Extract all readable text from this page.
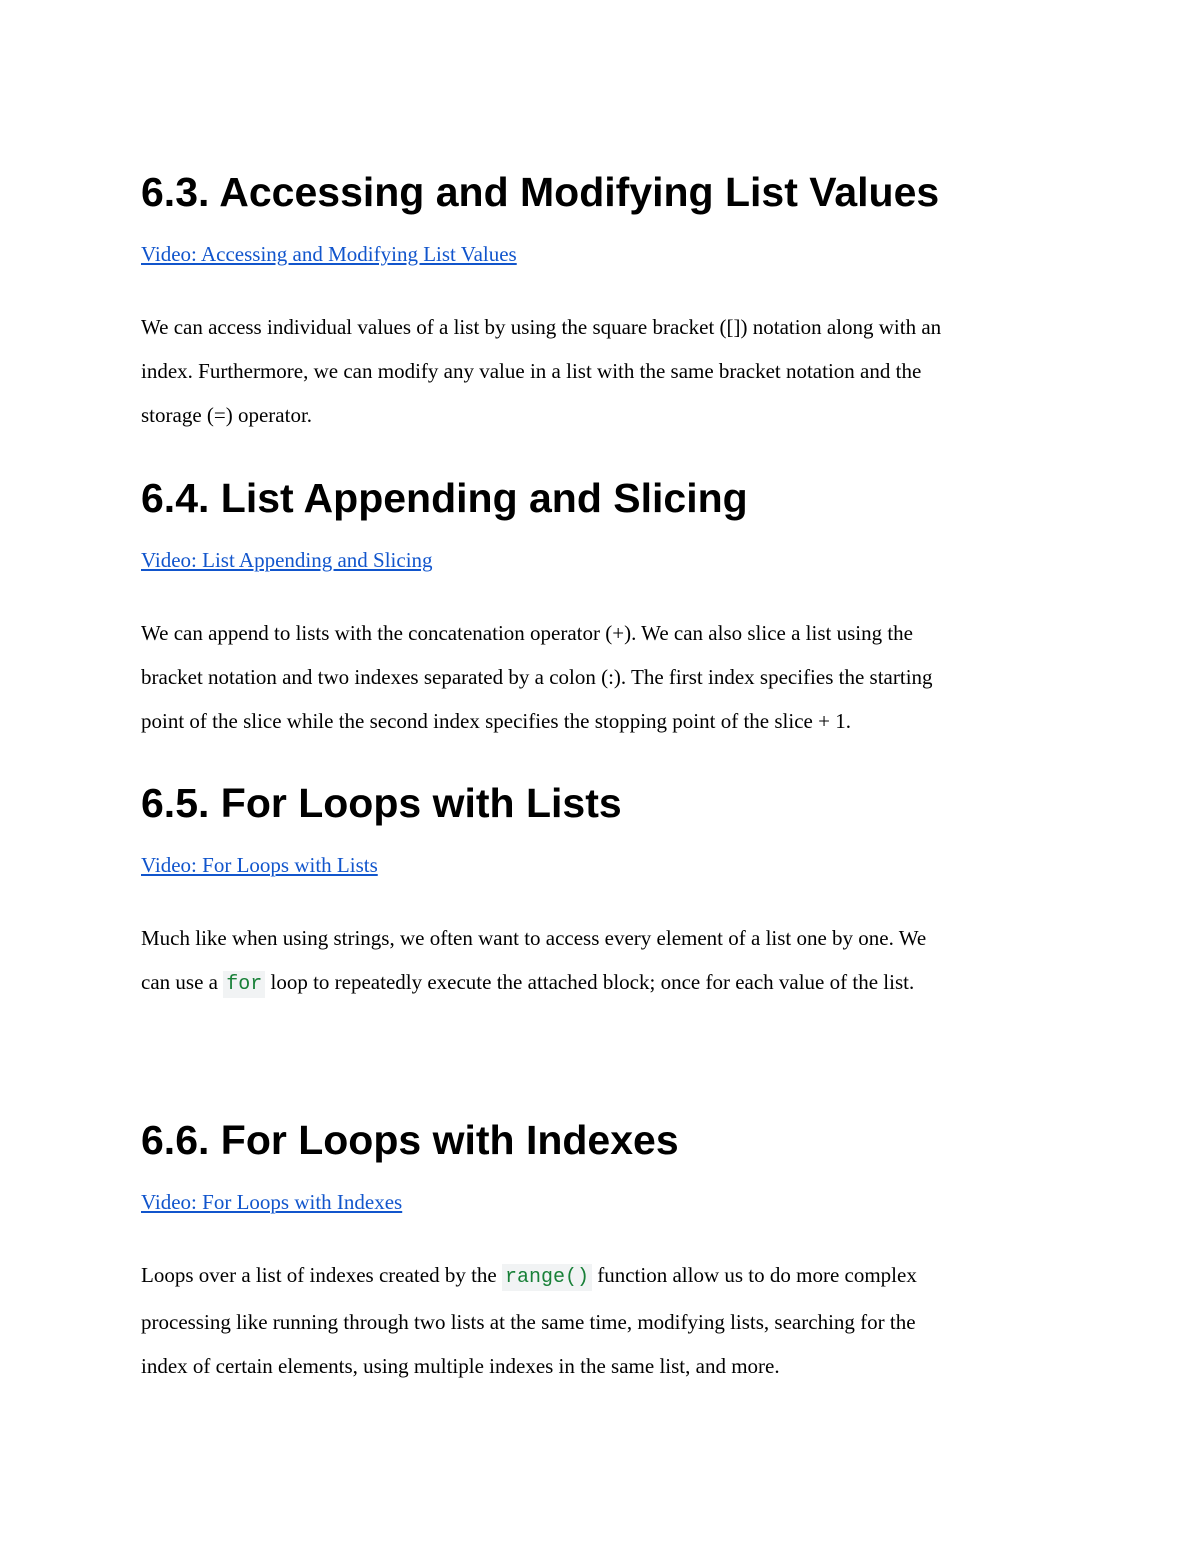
6.3. Accessing and Modifying List Values
Video: Accessing and Modifying List Values

We can access individual values of a list by using the square bracket ([]) notation along with an

index. Furthermore, we can modify any value in a list with the same bracket notation and the

storage (=) operator.

6.4. List Appending and Slicing
Video: List Appending and Slicing

We can append to lists with the concatenation operator (+). We can also slice a list using the

bracket notation and two indexes separated by a colon (:). The first index specifies the starting

point of the slice while the second index specifies the stopping point of the slice + 1.

6.5. For Loops with Lists
Video: For Loops with Lists

Much like when using strings, we often want to access every element of a list one by one. We

can use a for loop to repeatedly execute the attached block; once for each value of the list.

6.6. For Loops with Indexes
Video: For Loops with Indexes

Loops over a list of indexes created by the range() function allow us to do more complex

processing like running through two lists at the same time, modifying lists, searching for the

index of certain elements, using multiple indexes in the same list, and more.
